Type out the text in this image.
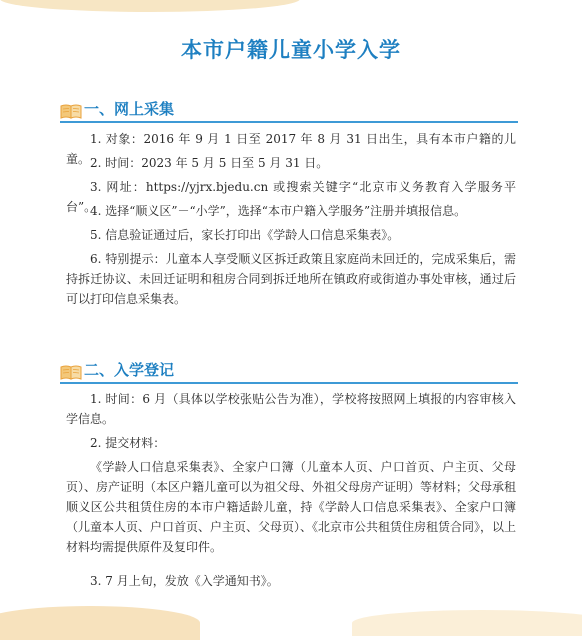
本市户籍儿童小学入学
一、网上采集

1. 对象：2016 年 9 月 1 日至 2017 年 8 月 31 日出生，具有本市户籍的儿童。 2. 时间：2023 年 5 月 5 日至 5 月 31 日。

3. 网址：https://yjrx.bjedu.cn 或搜索关键字“北京市义务教育入学服务平台”。

4. 选择“顺义区”－“小学”，选择“本市户籍入学服务”注册并填报信息。

5. 信息验证通过后，家长打印出《学龄人口信息采集表》。

6. 特别提示：儿童本人享受顺义区拆迁政策且家庭尚未回迁的，完成采集后，需持拆迁协议、未回迁证明和租房合同到拆迁地所在镇政府或街道办事处审核，通过后可以打印信息采集表。

二、入学登记

1. 时间：6 月（具体以学校张贴公告为准），学校将按照网上填报的内容审核入学信息。

2. 提交材料：

《学龄人口信息采集表》、全家户口簿（儿童本人页、户口首页、户主页、父母页）、房产证明（本区户籍儿童可以为祖父母、外祖父母房产证明）等材料；父母承租顺义区公共租赁住房的本市户籍适龄儿童，持《学龄人口信息采集表》、全家户口簿（儿童本人页、户口首页、户主页、父母页）、《北京市公共租赁住房租赁合同》，以上材料均需提供原件及复印件。

3. 7 月上旬，发放《入学通知书》。
